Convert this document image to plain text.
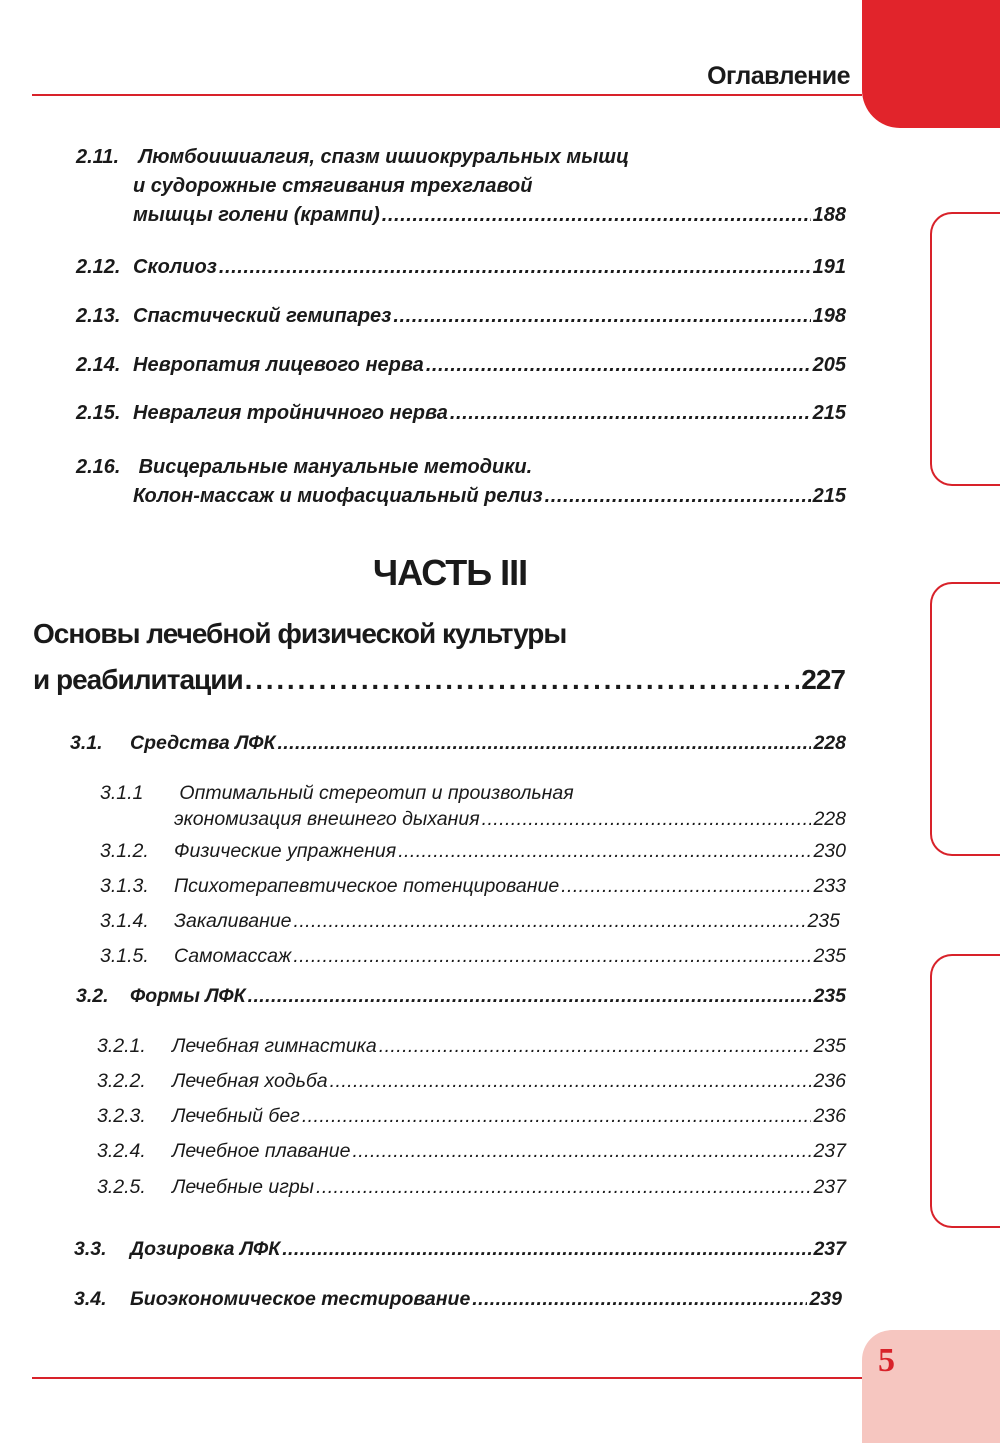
Оглавление
2.11. Люмбоишиалгия, спазм ишиокруральных мышц
и судорожные стягивания трехглавой
мышцы голени (крампи) . . .	188
2.12. Сколиоз . . .	191
2.13. Спастический гемипарез . . .	198
2.14. Невропатия лицевого нерва . . .	205
2.15. Невралгия тройничного нерва . . .	215
2.16. Висцеральные мануальные методики.
Колон-массаж и миофасциальный релиз . . .	215
ЧАСТЬ III
Основы лечебной физической культуры
и реабилитации . . .	227
3.1.	Средства ЛФК . . .	228
3.1.1 Оптимальный стереотип и произвольная
экономизация внешнего дыхания . . .	228
3.1.2.	Физические упражнения . . .	230
3.1.3.	Психотерапевтическое потенцирование . . .	233
3.1.4.	Закаливание . . .	235
3.1.5.	Самомассаж . . .	235
3.2.	Формы ЛФК . . .	235
3.2.1.	Лечебная гимнастика . . .	235
3.2.2.	Лечебная ходьба . . .	236
3.2.3.	Лечебный бег . . .	236
3.2.4.	Лечебное плавание . . .	237
3.2.5.	Лечебные игры . . .	237
3.3.	Дозировка ЛФК . . .	237
3.4.	Биоэкономическое тестирование . . .	239
5
